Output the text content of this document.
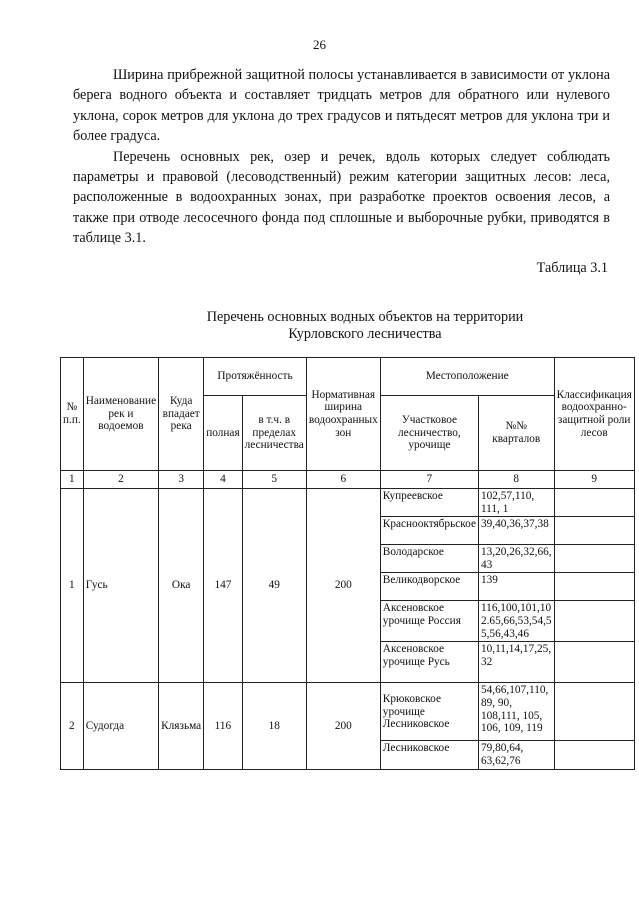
26

Ширина прибрежной защитной полосы устанавливается в зависимости от уклона берега водного объекта и составляет тридцать метров для обратного или нулевого уклона, сорок метров для уклона до трех градусов и пятьдесят метров для уклона три и более градуса.

Перечень основных рек, озер и речек, вдоль которых следует соблюдать параметры и правовой (лесоводственный) режим категории защитных лесов: леса, расположенные в водоохранных зонах, при разработке проектов освоения лесов, а также при отводе лесосечного фонда под сплошные и выборочные рубки, приводятся в таблице 3.1.

Таблица 3.1
Перечень основных водных объектов на территории
Курловского лесничества
№ п.п.	Наименование рек и водоемов	Куда впадает река	Протяжённость		Нормативная ширина водоохранных зон	Местоположение		Классификация водоохранно-защитной роли лесов
			полная	в т.ч. в пределах лесничества		Участковое лесничество, урочище	№№ кварталов	
1	2	3	4	5	6	7	8	9
1	Гусь	Ока	147	49	200	Купреевское	102,57,110, 111, 1	
						Краснооктябрьское	39,40,36,37,38	
						Володарское	13,20,26,32,66, 43	
						Великодворское	139	
						Аксеновское урочище Россия	116,100,101,102.65,66,53,54,55,56,43,46	
						Аксеновское урочище Русь	10,11,14,17,25, 32	
2	Судогда	Клязьма	116	18	200	Крюковское урочище Лесниковское	54,66,107,110, 89, 90, 108,111, 105, 106, 109, 119	
						Лесниковское	79,80,64, 63,62,76	
